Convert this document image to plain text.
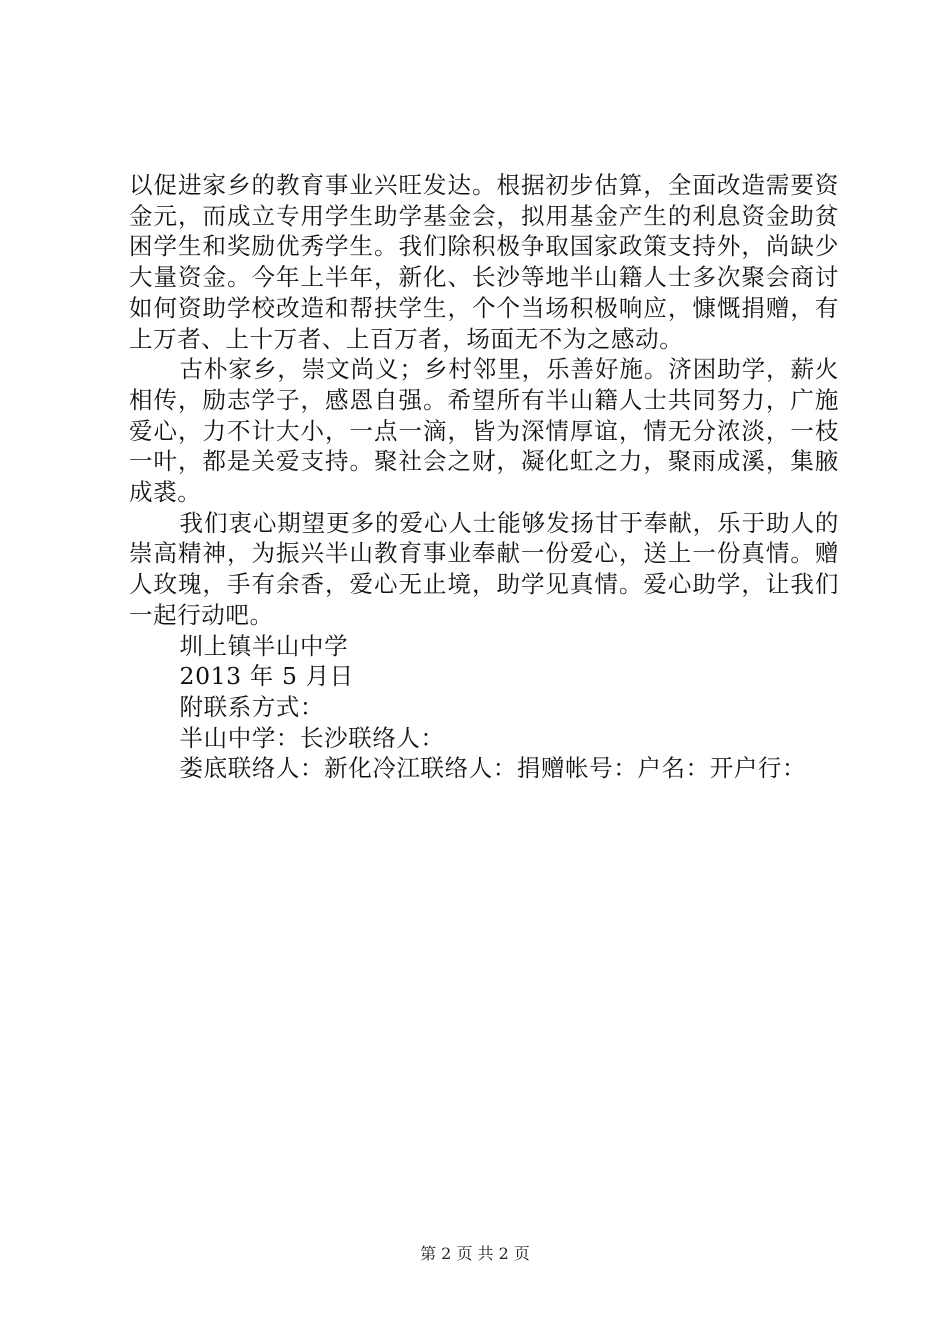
以促进家乡的教育事业兴旺发达。根据初步估算，全面改造需要资金元，而成立专用学生助学基金会，拟用基金产生的利息资金助贫困学生和奖励优秀学生。我们除积极争取国家政策支持外，尚缺少大量资金。今年上半年，新化、长沙等地半山籍人士多次聚会商讨如何资助学校改造和帮扶学生，个个当场积极响应，慷慨捐赠，有上万者、上十万者、上百万者，场面无不为之感动。

古朴家乡，崇文尚义；乡村邻里，乐善好施。济困助学，薪火相传，励志学子，感恩自强。希望所有半山籍人士共同努力，广施爱心，力不计大小，一点一滴，皆为深情厚谊，情无分浓淡，一枝一叶，都是关爱支持。聚社会之财，凝化虹之力，聚雨成溪，集腋成裘。

我们衷心期望更多的爱心人士能够发扬甘于奉献，乐于助人的崇高精神，为振兴半山教育事业奉献一份爱心，送上一份真情。赠人玫瑰，手有余香，爱心无止境，助学见真情。爱心助学，让我们一起行动吧。

圳上镇半山中学

2013 年 5 月日

附联系方式：

半山中学：长沙联络人：

娄底联络人：新化冷江联络人：捐赠帐号：户名：开户行：

第 2 页 共 2 页
